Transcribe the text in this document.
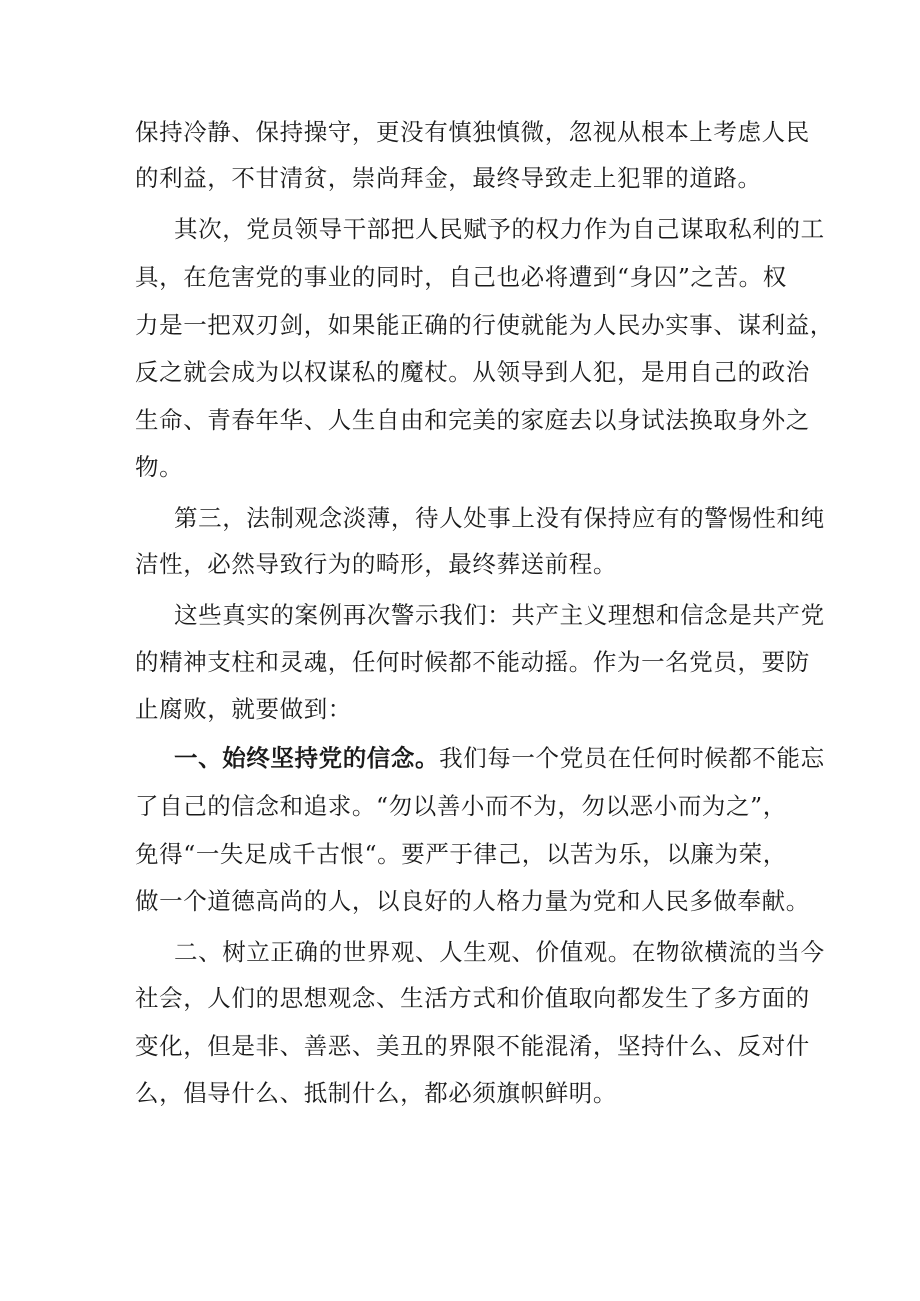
保持冷静、保持操守，更没有慎独慎微，忽视从根本上考虑人民

的利益，不甘清贫，崇尚拜金，最终导致走上犯罪的道路。

其次，党员领导干部把人民赋予的权力作为自己谋取私利的工

具，在危害党的事业的同时，自己也必将遭到“身囚”之苦。权

力是一把双刃剑，如果能正确的行使就能为人民办实事、谋利益，

反之就会成为以权谋私的魔杖。从领导到人犯，是用自己的政治

生命、青春年华、人生自由和完美的家庭去以身试法换取身外之

物。

第三，法制观念淡薄，待人处事上没有保持应有的警惕性和纯

洁性，必然导致行为的畸形，最终葬送前程。

这些真实的案例再次警示我们：共产主义理想和信念是共产党

的精神支柱和灵魂，任何时候都不能动摇。作为一名党员，要防

止腐败，就要做到：

一、始终坚持党的信念。我们每一个党员在任何时候都不能忘

了自己的信念和追求。“勿以善小而不为，勿以恶小而为之”，

免得“一失足成千古恨“。要严于律己，以苦为乐，以廉为荣，

做一个道德高尚的人，以良好的人格力量为党和人民多做奉献。

二、树立正确的世界观、人生观、价值观。在物欲横流的当今

社会，人们的思想观念、生活方式和价值取向都发生了多方面的

变化，但是非、善恶、美丑的界限不能混淆，坚持什么、反对什

么，倡导什么、抵制什么，都必须旗帜鲜明。
